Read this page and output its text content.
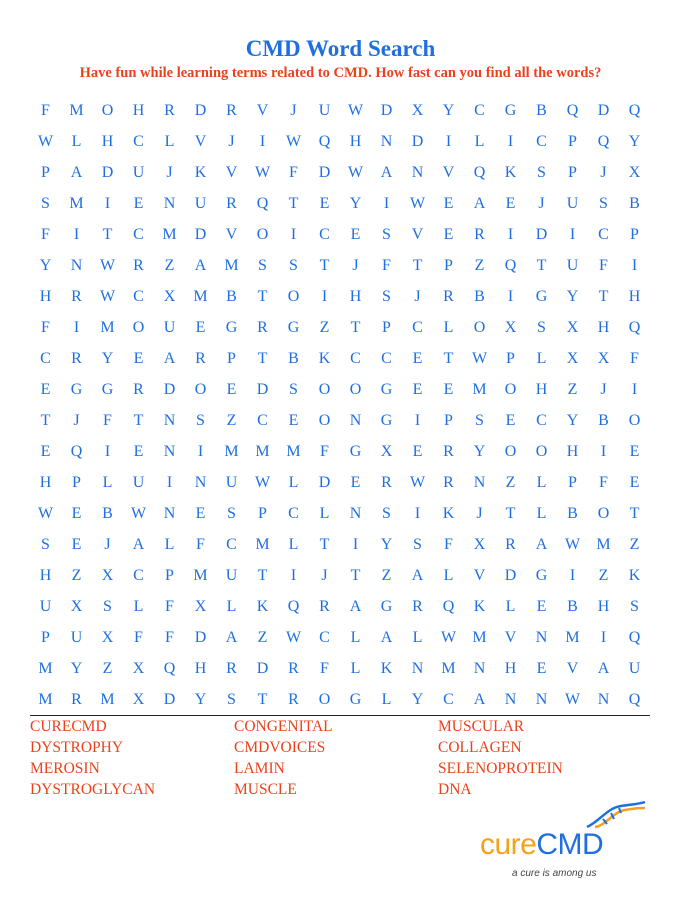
CMD Word Search
Have fun while learning terms related to CMD. How fast can you find all the words?
F	M	O	H	R	D	R	V	J	U	W	D	X	Y	C	G	B	Q	D	Q
W	L	H	C	L	V	J	I	W	Q	H	N	D	I	L	I	C	P	Q	Y
P	A	D	U	J	K	V	W	F	D	W	A	N	V	Q	K	S	P	J	X
S	M	I	E	N	U	R	Q	T	E	Y	I	W	E	A	E	J	U	S	B
F	I	T	C	M	D	V	O	I	C	E	S	V	E	R	I	D	I	C	P
Y	N	W	R	Z	A	M	S	S	T	J	F	T	P	Z	Q	T	U	F	I
H	R	W	C	X	M	B	T	O	I	H	S	J	R	B	I	G	Y	T	H
F	I	M	O	U	E	G	R	G	Z	T	P	C	L	O	X	S	X	H	Q
C	R	Y	E	A	R	P	T	B	K	C	C	E	T	W	P	L	X	X	F
E	G	G	R	D	O	E	D	S	O	O	G	E	E	M	O	H	Z	J	I
T	J	F	T	N	S	Z	C	E	O	N	G	I	P	S	E	C	Y	B	O
E	Q	I	E	N	I	M	M	M	F	G	X	E	R	Y	O	O	H	I	E
H	P	L	U	I	N	U	W	L	D	E	R	W	R	N	Z	L	P	F	E
W	E	B	W	N	E	S	P	C	L	N	S	I	K	J	T	L	B	O	T
S	E	J	A	L	F	C	M	L	T	I	Y	S	F	X	R	A	W	M	Z
H	Z	X	C	P	M	U	T	I	J	T	Z	A	L	V	D	G	I	Z	K
U	X	S	L	F	X	L	K	Q	R	A	G	R	Q	K	L	E	B	H	S
P	U	X	F	F	D	A	Z	W	C	L	A	L	W	M	V	N	M	I	Q
M	Y	Z	X	Q	H	R	D	R	F	L	K	N	M	N	H	E	V	A	U
M	R	M	X	D	Y	S	T	R	O	G	L	Y	C	A	N	N	W	N	Q
CURECMD	CONGENITAL	MUSCULAR
DYSTROPHY	CMDVOICES	COLLAGEN
MEROSIN	LAMIN	SELENOPROTEIN
DYSTROGLYCAN	MUSCLE	DNA
cureCMD
a cure is among us
